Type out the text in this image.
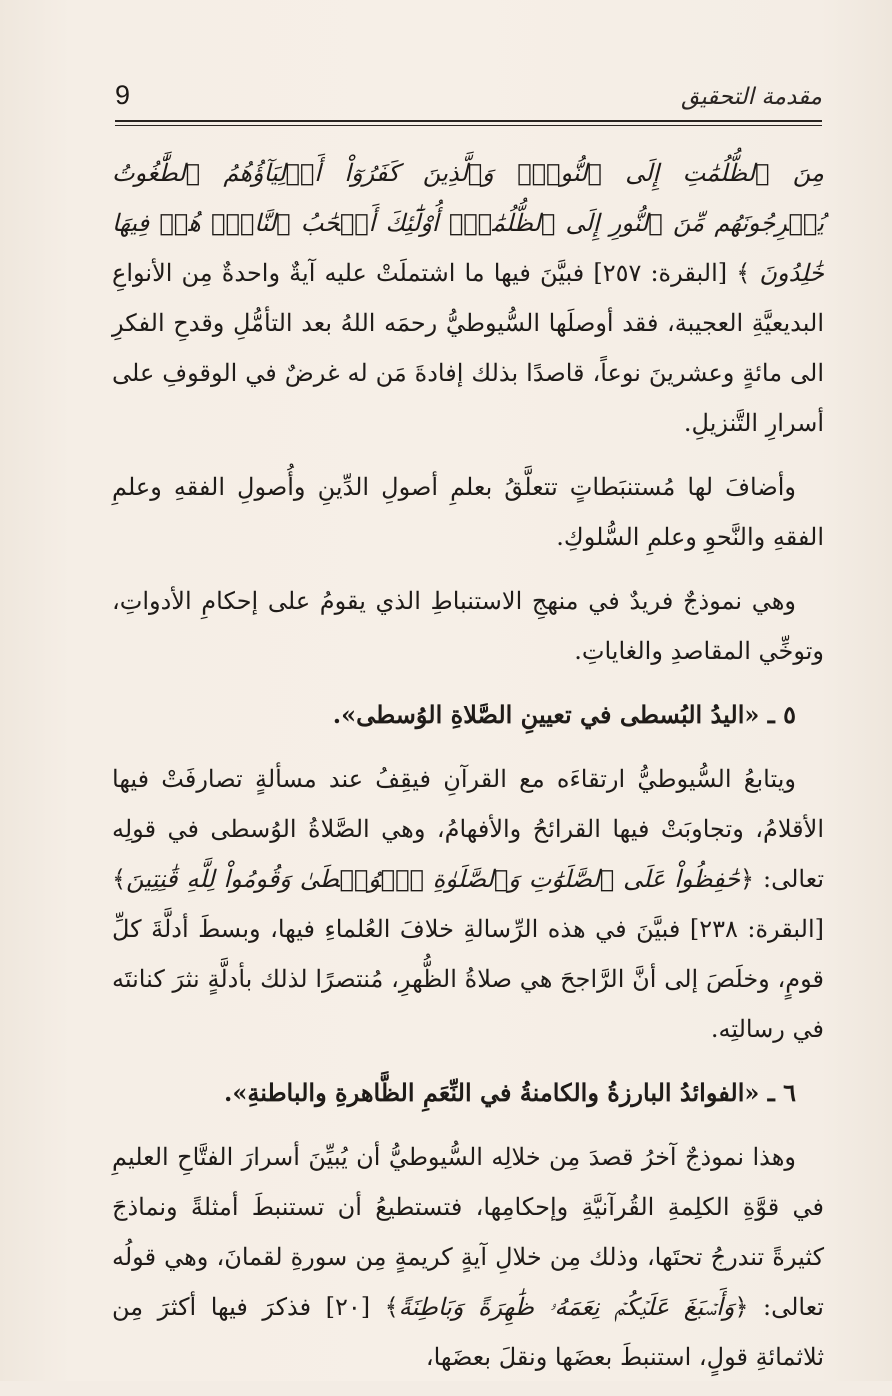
مقدمة التحقيق
9

مِنَ ٱلظُّلُمَٰتِ إِلَى ٱلنُّورِۖ وَٱلَّذِينَ كَفَرُوٓاْ أَوۡلِيَآؤُهُمُ ٱلطَّٰغُوتُ يُخۡرِجُونَهُم مِّنَ ٱلنُّورِ إِلَى ٱلظُّلُمَٰتِۗ أُوْلَٰٓئِكَ أَصۡحَٰبُ ٱلنَّارِۖ هُمۡ فِيهَا خَٰلِدُونَ ﴾ [البقرة: ٢٥٧] فبيَّنَ فيها ما اشتملَتْ عليه آيةٌ واحدةٌ مِن الأنواعِ البديعيَّةِ العجيبة، فقد أوصلَها السُّيوطيُّ رحمَه اللهُ بعد التأمُّلِ وقدحِ الفكرِ الى مائةٍ وعشرينَ نوعاً، قاصدًا بذلك إفادةَ مَن له غرضٌ في الوقوفِ على أسرارِ التَّنزيلِ.

وأضافَ لها مُستنبَطاتٍ تتعلَّقُ بعلمِ أصولِ الدِّينِ وأُصولِ الفقهِ وعلمِ الفقهِ والنَّحوِ وعلمِ السُّلوكِ.

وهي نموذجٌ فريدٌ في منهجِ الاستنباطِ الذي يقومُ على إحكامِ الأدواتِ، وتوخِّي المقاصدِ والغاياتِ.

٥ ـ «اليدُ البُسطى في تعيينِ الصَّلاةِ الوُسطى».

ويتابعُ السُّيوطيُّ ارتقاءَه مع القرآنِ فيقِفُ عند مسألةٍ تصارفَتْ فيها الأقلامُ، وتجاوبَتْ فيها القرائحُ والأفهامُ، وهي الصَّلاةُ الوُسطى في قولِه تعالى: ﴿حَٰفِظُواْ عَلَى ٱلصَّلَوَٰتِ وَٱلصَّلَوٰةِ ٱلۡوُسۡطَىٰ وَقُومُواْ لِلَّهِ قَٰنِتِينَ﴾ [البقرة: ٢٣٨] فبيَّنَ في هذه الرِّسالةِ خلافَ العُلماءِ فيها، وبسطَ أدلَّةَ كلِّ قومٍ، وخلَصَ إلى أنَّ الرَّاجحَ هي صلاةُ الظُّهرِ، مُنتصرًا لذلك بأدلَّةٍ نثرَ كنانتَه في رسالتِه.

٦ ـ «الفوائدُ البارزةُ والكامنةُ في النِّعَمِ الظَّاهرةِ والباطنةِ».

وهذا نموذجٌ آخرُ قصدَ مِن خلالِه السُّيوطيُّ أن يُبيِّنَ أسرارَ الفتَّاحِ العليمِ في قوَّةِ الكلِمةِ القُرآنيَّةِ وإحكامِها، فتستطيعُ أن تستنبطَ أمثلةً ونماذجَ كثيرةً تندرجُ تحتَها، وذلك مِن خلالِ آيةٍ كريمةٍ مِن سورةِ لقمانَ، وهي قولُه تعالى: ﴿وَأَسۡبَغَ عَلَيۡكُمۡ نِعَمَهُۥ ظَٰهِرَةً وَبَاطِنَةً﴾ [٢٠] فذكرَ فيها أكثرَ مِن ثلاثمائةِ قولٍ، استنبطَ بعضَها ونقلَ بعضَها،
